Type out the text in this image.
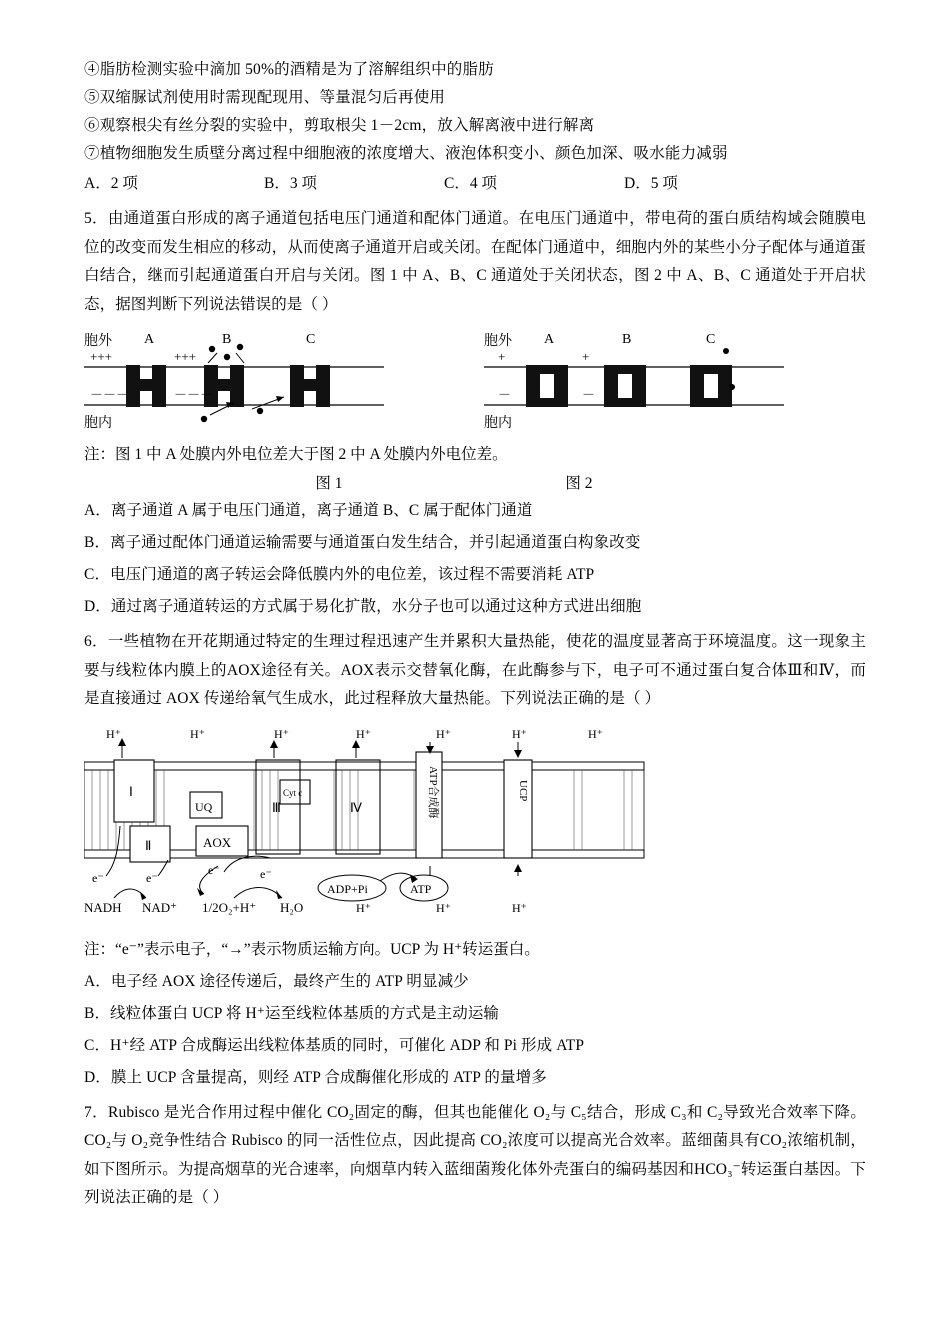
④脂肪检测实验中滴加 50%的酒精是为了溶解组织中的脂肪
⑤双缩脲试剂使用时需现配现用、等量混匀后再使用
⑥观察根尖有丝分裂的实验中，剪取根尖 1－2cm，放入解离液中进行解离
⑦植物细胞发生质壁分离过程中细胞液的浓度增大、液泡体积变小、颜色加深、吸水能力减弱
A．2 项	B．3 项	C．4 项	D．5 项
5．由通道蛋白形成的离子通道包括电压门通道和配体门通道。在电压门通道中，带电荷的蛋白质结构域会随膜电位的改变而发生相应的移动，从而使离子通道开启或关闭。在配体门通道中，细胞内外的某些小分子配体与通道蛋白结合，继而引起通道蛋白开启与关闭。图 1 中 A、B、C 通道处于关闭状态，图 2 中 A、B、C 通道处于开启状态，据图判断下列说法错误的是（ ）
胞外 A	B	C
+++	+++
－－－	－－－
胞内
胞外 A	B	C
+	+
－	－
胞内
注：图 1 中 A 处膜内外电位差大于图 2 中 A 处膜内外电位差。
图 1	图 2
A．离子通道 A 属于电压门通道，离子通道 B、C 属于配体门通道
B．离子通过配体门通道运输需要与通道蛋白发生结合，并引起通道蛋白构象改变
C．电压门通道的离子转运会降低膜内外的电位差，该过程不需要消耗 ATP
D．通过离子通道转运的方式属于易化扩散，水分子也可以通过这种方式进出细胞
6．一些植物在开花期通过特定的生理过程迅速产生并累积大量热能，使花的温度显著高于环境温度。这一现象主要与线粒体内膜上的AOX途径有关。AOX表示交替氧化酶，在此酶参与下，电子可不通过蛋白复合体Ⅲ和Ⅳ，而是直接通过 AOX 传递给氧气生成水，此过程释放大量热能。下列说法正确的是（ ）
H⁺	H⁺	H⁺	H⁺	H⁺	H⁺	H⁺
Ⅰ
Ⅱ
UQ
Cyt c
Ⅲ	Ⅳ
AOX
ATP合成酶	UCP
e⁻	e⁻
e⁻	e⁻
NADH NAD⁺ 1/2O₂+H⁺ H₂O
ADP+Pi	ATP
H⁺	H⁺	H⁺
注：“e⁻”表示电子，“→”表示物质运输方向。UCP 为 H⁺转运蛋白。
A．电子经 AOX 途径传递后，最终产生的 ATP 明显减少
B．线粒体蛋白 UCP 将 H⁺运至线粒体基质的方式是主动运输
C．H⁺经 ATP 合成酶运出线粒体基质的同时，可催化 ADP 和 Pi 形成 ATP
D．膜上 UCP 含量提高，则经 ATP 合成酶催化形成的 ATP 的量增多
7．Rubisco 是光合作用过程中催化 CO₂固定的酶，但其也能催化 O₂与 C₅结合，形成 C₃和 C₂导致光合效率下降。CO₂与 O₂竞争性结合 Rubisco 的同一活性位点，因此提高 CO₂浓度可以提高光合效率。蓝细菌具有CO₂浓缩机制，如下图所示。为提高烟草的光合速率，向烟草内转入蓝细菌羧化体外壳蛋白的编码基因和HCO₃⁻转运蛋白基因。下列说法正确的是（ ）
